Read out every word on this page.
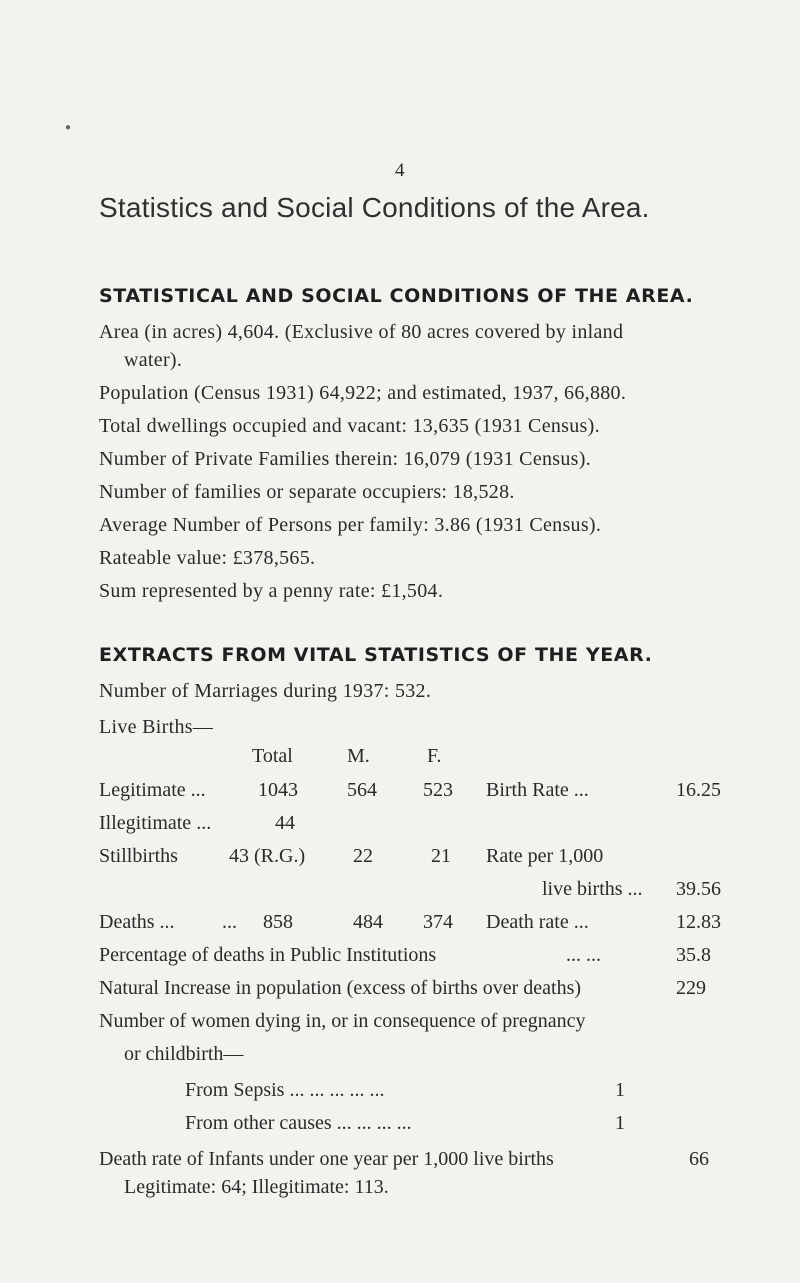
●
4
Statistics and Social Conditions of the Area.
STATISTICAL AND SOCIAL CONDITIONS OF THE AREA.
Area (in acres) 4,604. (Exclusive of 80 acres covered by inland
water).
Population (Census 1931) 64,922; and estimated, 1937, 66,880.
Total dwellings occupied and vacant: 13,635 (1931 Census).
Number of Private Families therein: 16,079 (1931 Census).
Number of families or separate occupiers: 18,528.
Average Number of Persons per family: 3.86 (1931 Census).
Rateable value: £378,565.
Sum represented by a penny rate: £1,504.
EXTRACTS FROM VITAL STATISTICS OF THE YEAR.
Number of Marriages during 1937: 532.
Live Births—
Total	M.	F.
Legitimate ...	1043 564 523 Birth Rate ...	16.25
Illegitimate ...	44
Stillbirths	43 (R.G.) 22	21 Rate per 1,000
live births ... 39.56
Deaths ... ... 858	484 374 Death rate ...	12.83
Percentage of deaths in Public Institutions	... ...	35.8
Natural Increase in population (excess of births over deaths)	229
Number of women dying in, or in consequence of pregnancy
or childbirth—
From Sepsis ... ... ... ... ...	1
From other causes ... ... ... ...	1
Death rate of Infants under one year per 1,000 live births	66
Legitimate: 64; Illegitimate: 113.
